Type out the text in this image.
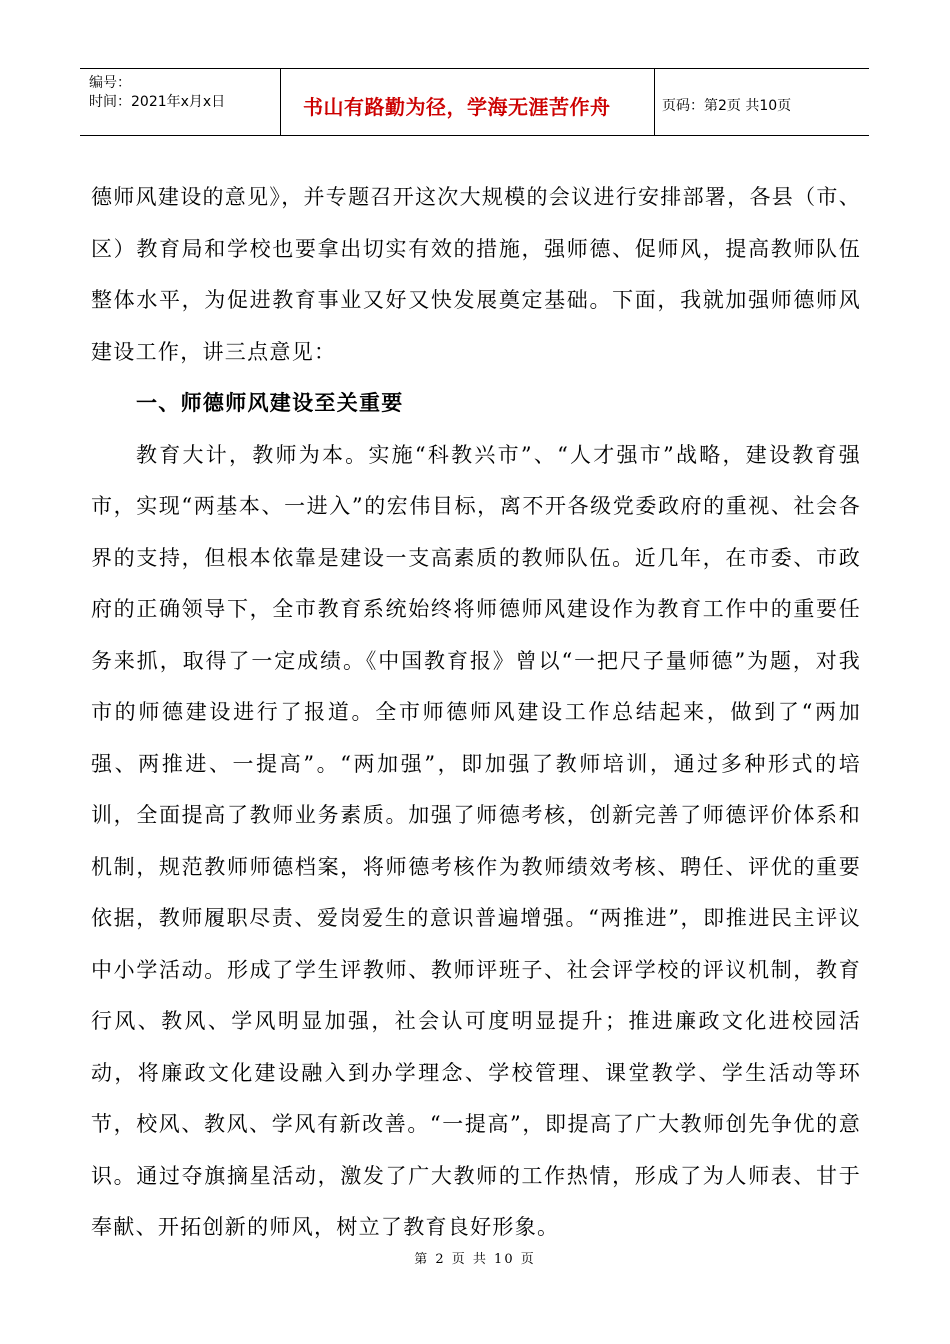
编号：
时间：2021年x月x日	书山有路勤为径，学海无涯苦作舟	页码：第2页 共10页

德师风建设的意见》，并专题召开这次大规模的会议进行安排部署，各县（市、区）教育局和学校也要拿出切实有效的措施，强师德、促师风，提高教师队伍整体水平，为促进教育事业又好又快发展奠定基础。下面，我就加强师德师风建设工作，讲三点意见：

一、师德师风建设至关重要

教育大计，教师为本。实施“科教兴市”、“人才强市”战略，建设教育强市，实现“两基本、一进入”的宏伟目标，离不开各级党委政府的重视、社会各界的支持，但根本依靠是建设一支高素质的教师队伍。近几年，在市委、市政府的正确领导下，全市教育系统始终将师德师风建设作为教育工作中的重要任务来抓，取得了一定成绩。《中国教育报》曾以“一把尺子量师德”为题，对我市的师德建设进行了报道。全市师德师风建设工作总结起来，做到了“两加强、两推进、一提高”。“两加强”，即加强了教师培训，通过多种形式的培训，全面提高了教师业务素质。加强了师德考核，创新完善了师德评价体系和机制，规范教师师德档案，将师德考核作为教师绩效考核、聘任、评优的重要依据，教师履职尽责、爱岗爱生的意识普遍增强。“两推进”，即推进民主评议中小学活动。形成了学生评教师、教师评班子、社会评学校的评议机制，教育行风、教风、学风明显加强，社会认可度明显提升；推进廉政文化进校园活动，将廉政文化建设融入到办学理念、学校管理、课堂教学、学生活动等环节，校风、教风、学风有新改善。“一提高”，即提高了广大教师创先争优的意识。通过夺旗摘星活动，激发了广大教师的工作热情，形成了为人师表、甘于奉献、开拓创新的师风，树立了教育良好形象。

第 2 页 共 10 页
